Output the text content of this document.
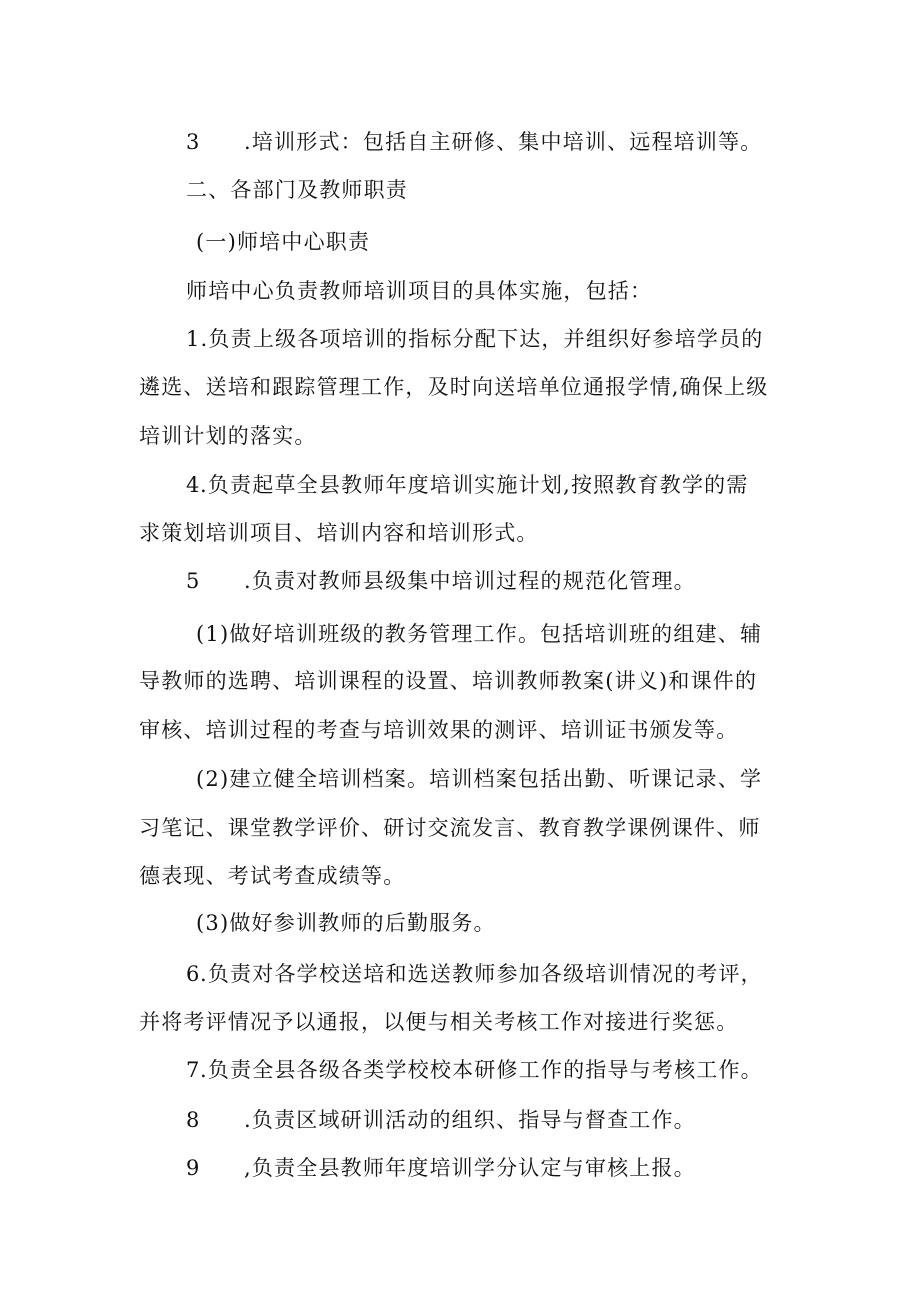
3 .培训形式：包括自主研修、集中培训、远程培训等。
二、各部门及教师职责
(一)师培中心职责
师培中心负责教师培训项目的具体实施，包括：
1.负责上级各项培训的指标分配下达，并组织好参培学员的
遴选、送培和跟踪管理工作，及时向送培单位通报学情,确保上级
培训计划的落实。
4.负责起草全县教师年度培训实施计划,按照教育教学的需
求策划培训项目、培训内容和培训形式。
5 .负责对教师县级集中培训过程的规范化管理。
(1)做好培训班级的教务管理工作。包括培训班的组建、辅
导教师的选聘、培训课程的设置、培训教师教案(讲义)和课件的
审核、培训过程的考查与培训效果的测评、培训证书颁发等。
(2)建立健全培训档案。培训档案包括出勤、听课记录、学
习笔记、课堂教学评价、研讨交流发言、教育教学课例课件、师
德表现、考试考查成绩等。
(3)做好参训教师的后勤服务。
6.负责对各学校送培和选送教师参加各级培训情况的考评，
并将考评情况予以通报，以便与相关考核工作对接进行奖惩。
7.负责全县各级各类学校校本研修工作的指导与考核工作。
8 .负责区域研训活动的组织、指导与督查工作。
9 ,负责全县教师年度培训学分认定与审核上报。
